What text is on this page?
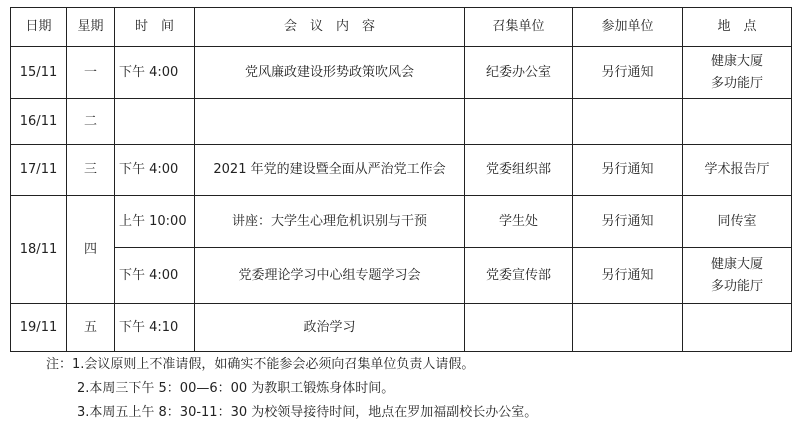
日期	星期	时　间	会　议　内　容	召集单位	参加单位	地　点
15/11	一	下午 4:00	党风廉政建设形势政策吹风会	纪委办公室	另行通知	健康大厦
多功能厅

16/11	二					
17/11	三	下午 4:00	2021 年党的建设暨全面从严治党工作会	党委组织部	另行通知	学术报告厅
18/11	四	上午 10:00	讲座：大学生心理危机识别与干预	学生处	另行通知	同传室
		下午 4:00	党委理论学习中心组专题学习会	党委宣传部	另行通知	健康大厦
多功能厅

19/11	五	下午 4:10	政治学习			
注：1.会议原则上不准请假，如确实不能参会必须向召集单位负责人请假。
2.本周三下午 5：00—6：00 为教职工锻炼身体时间。
3.本周五上午 8：30-11：30 为校领导接待时间，地点在罗加福副校长办公室。
